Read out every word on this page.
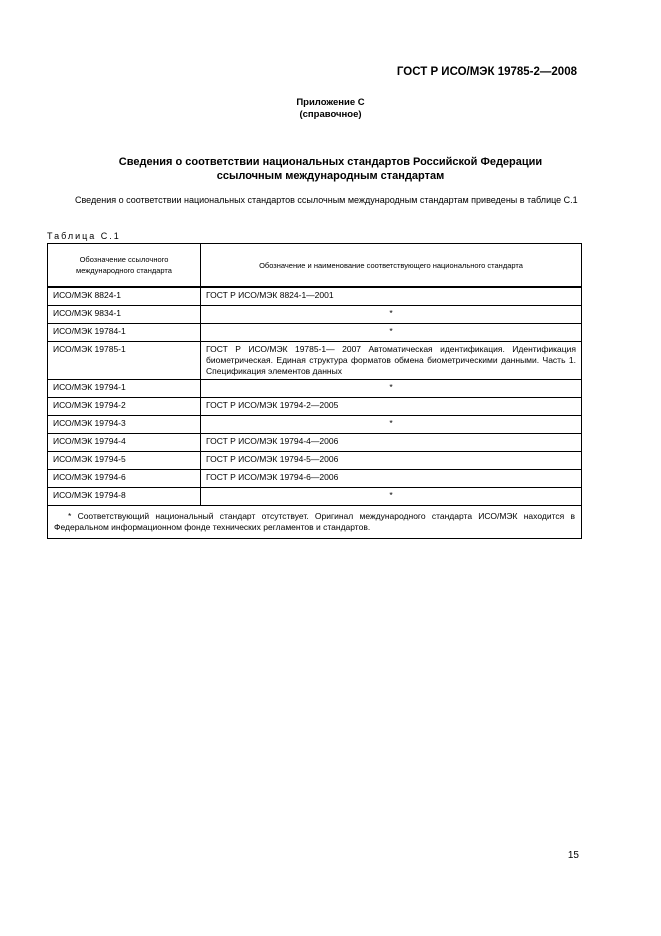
ГОСТ Р ИСО/МЭК 19785-2—2008
Приложение С
(справочное)
Сведения о соответствии национальных стандартов Российской Федерации
ссылочным международным стандартам
Сведения о соответствии национальных стандартов ссылочным международным стандартам приведены в таблице С.1
Таблица С.1
Обозначение ссылочного международного стандарта	Обозначение и наименование соответствующего национального стандарта
ИСО/МЭК 8824-1	ГОСТ Р ИСО/МЭК 8824-1—2001
ИСО/МЭК 9834-1	*
ИСО/МЭК 19784-1	*
ИСО/МЭК 19785-1	ГОСТ Р ИСО/МЭК 19785-1— 2007 Автоматическая идентификация. Идентификация биометрическая. Единая структура форматов обмена биометрическими данными. Часть 1. Спецификация элементов данных
ИСО/МЭК 19794-1	*
ИСО/МЭК 19794-2	ГОСТ Р ИСО/МЭК 19794-2—2005
ИСО/МЭК 19794-3	*
ИСО/МЭК 19794-4	ГОСТ Р ИСО/МЭК 19794-4—2006
ИСО/МЭК 19794-5	ГОСТ Р ИСО/МЭК 19794-5—2006
ИСО/МЭК 19794-6	ГОСТ Р ИСО/МЭК 19794-6—2006
ИСО/МЭК 19794-8	*
* Соответствующий национальный стандарт отсутствует. Оригинал международного стандарта ИСО/МЭК находится в Федеральном информационном фонде технических регламентов и стандартов.	
15
